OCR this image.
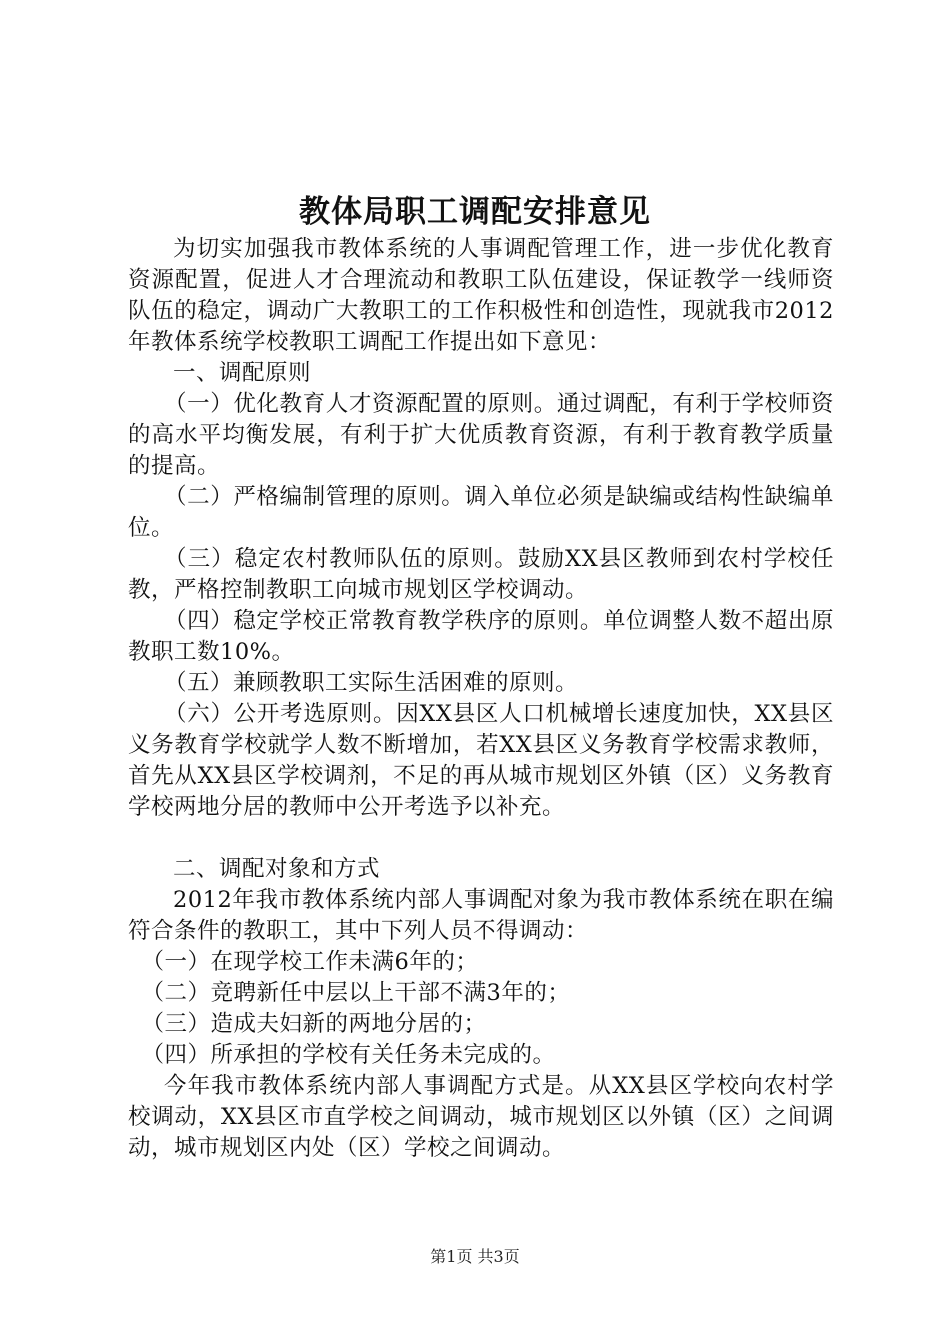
教体局职工调配安排意见

为切实加强我市教体系统的人事调配管理工作，进一步优化教育资源配置，促进人才合理流动和教职工队伍建设，保证教学一线师资队伍的稳定，调动广大教职工的工作积极性和创造性，现就我市2012年教体系统学校教职工调配工作提出如下意见：

一、调配原则

（一）优化教育人才资源配置的原则。通过调配，有利于学校师资的高水平均衡发展，有利于扩大优质教育资源，有利于教育教学质量的提高。

（二）严格编制管理的原则。调入单位必须是缺编或结构性缺编单位。

（三）稳定农村教师队伍的原则。鼓励XX县区教师到农村学校任教，严格控制教职工向城市规划区学校调动。

（四）稳定学校正常教育教学秩序的原则。单位调整人数不超出原教职工数10%。

（五）兼顾教职工实际生活困难的原则。

（六）公开考选原则。因XX县区人口机械增长速度加快，XX县区义务教育学校就学人数不断增加，若XX县区义务教育学校需求教师，首先从XX县区学校调剂，不足的再从城市规划区外镇（区）义务教育学校两地分居的教师中公开考选予以补充。

二、调配对象和方式

2012年我市教体系统内部人事调配对象为我市教体系统在职在编符合条件的教职工，其中下列人员不得调动：

（一）在现学校工作未满6年的；

（二）竞聘新任中层以上干部不满3年的；

（三）造成夫妇新的两地分居的；

（四）所承担的学校有关任务未完成的。

今年我市教体系统内部人事调配方式是。从XX县区学校向农村学校调动，XX县区市直学校之间调动，城市规划区以外镇（区）之间调动，城市规划区内处（区）学校之间调动。

第1页 共3页
